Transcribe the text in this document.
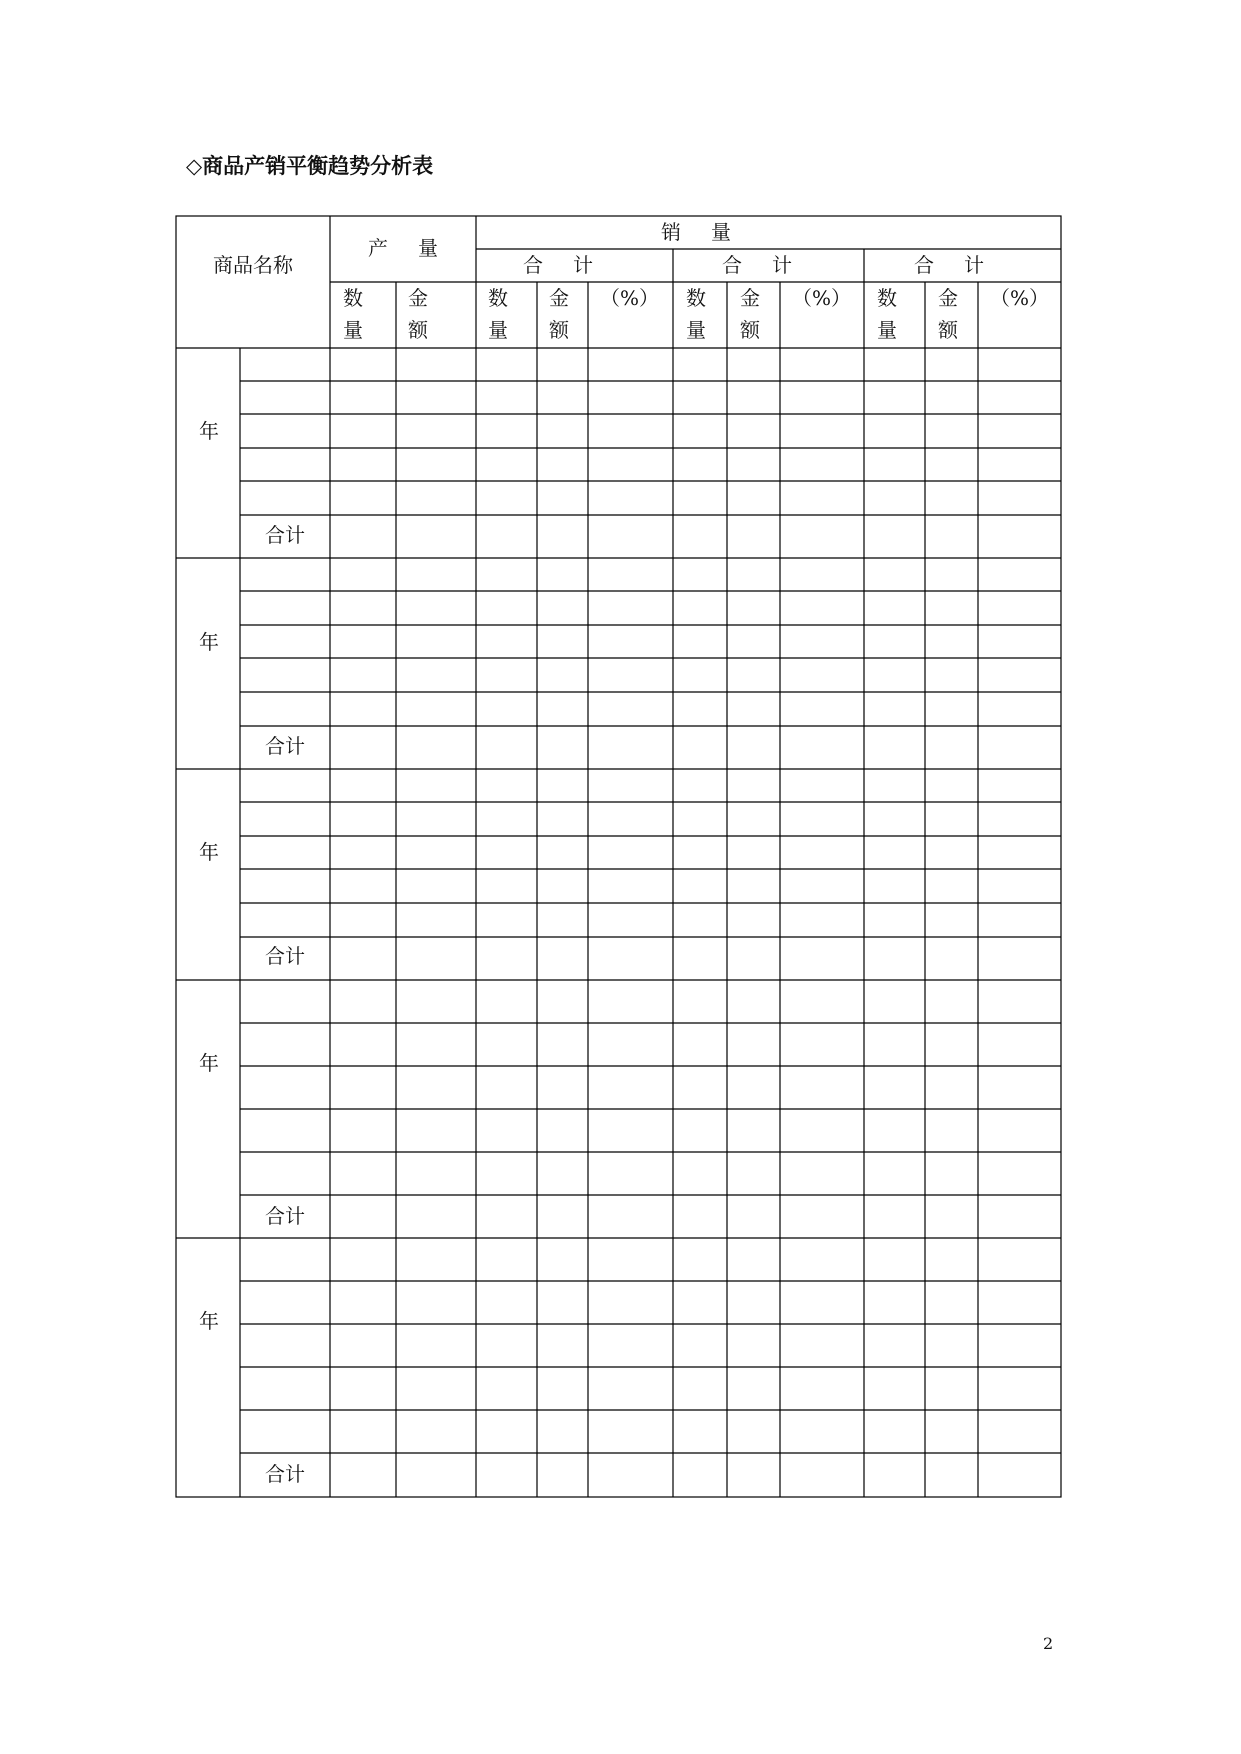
◇商品产销平衡趋势分析表
商品名称
产量
销量
合计	合计	合计
数
量
金
额
数
量
金
额
（%） 数
量
金
额
（%） 数
量
金
额
（%）
年
年
年
年
年
合计
合计
合计
合计
合计
2
